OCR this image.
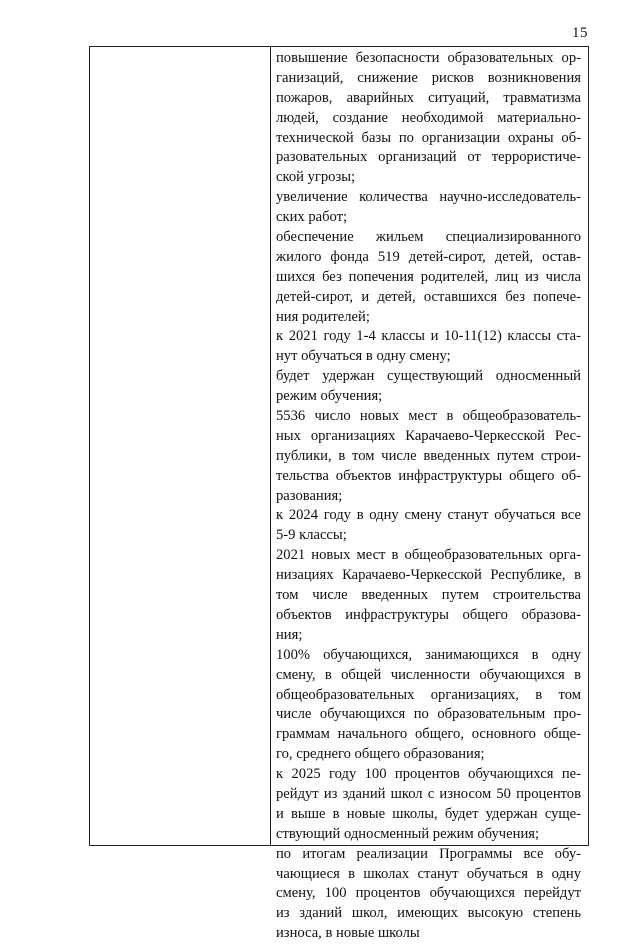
15
повышение безопасности образовательных ор-
ганизаций, снижение рисков возникновения
пожаров, аварийных ситуаций, травматизма
людей, создание необходимой материально-
технической базы по организации охраны об-
разовательных организаций от террористиче-
ской угрозы;
увеличение количества научно-исследователь-
ских работ;
обеспечение жильем специализированного
жилого фонда 519 детей-сирот, детей, остав-
шихся без попечения родителей, лиц из числа
детей-сирот, и детей, оставшихся без попече-
ния родителей;
к 2021 году 1-4 классы и 10-11(12) классы ста-
нут обучаться в одну смену;
будет удержан существующий односменный
режим обучения;
5536 число новых мест в общеобразователь-
ных организациях Карачаево-Черкесской Рес-
публики, в том числе введенных путем строи-
тельства объектов инфраструктуры общего об-
разования;
к 2024 году в одну смену станут обучаться все
5-9 классы;
2021 новых мест в общеобразовательных орга-
низациях Карачаево-Черкесской Республике, в
том числе введенных путем строительства
объектов инфраструктуры общего образова-
ния;
100% обучающихся, занимающихся в одну
смену, в общей численности обучающихся в
общеобразовательных организациях, в том
числе обучающихся по образовательным про-
граммам начального общего, основного обще-
го, среднего общего образования;
к 2025 году 100 процентов обучающихся пе-
рейдут из зданий школ с износом 50 процентов
и выше в новые школы, будет удержан суще-
ствующий односменный режим обучения;
по итогам реализации Программы все обу-
чающиеся в школах станут обучаться в одну
смену, 100 процентов обучающихся перейдут
из зданий школ, имеющих высокую степень
износа, в новые школы
